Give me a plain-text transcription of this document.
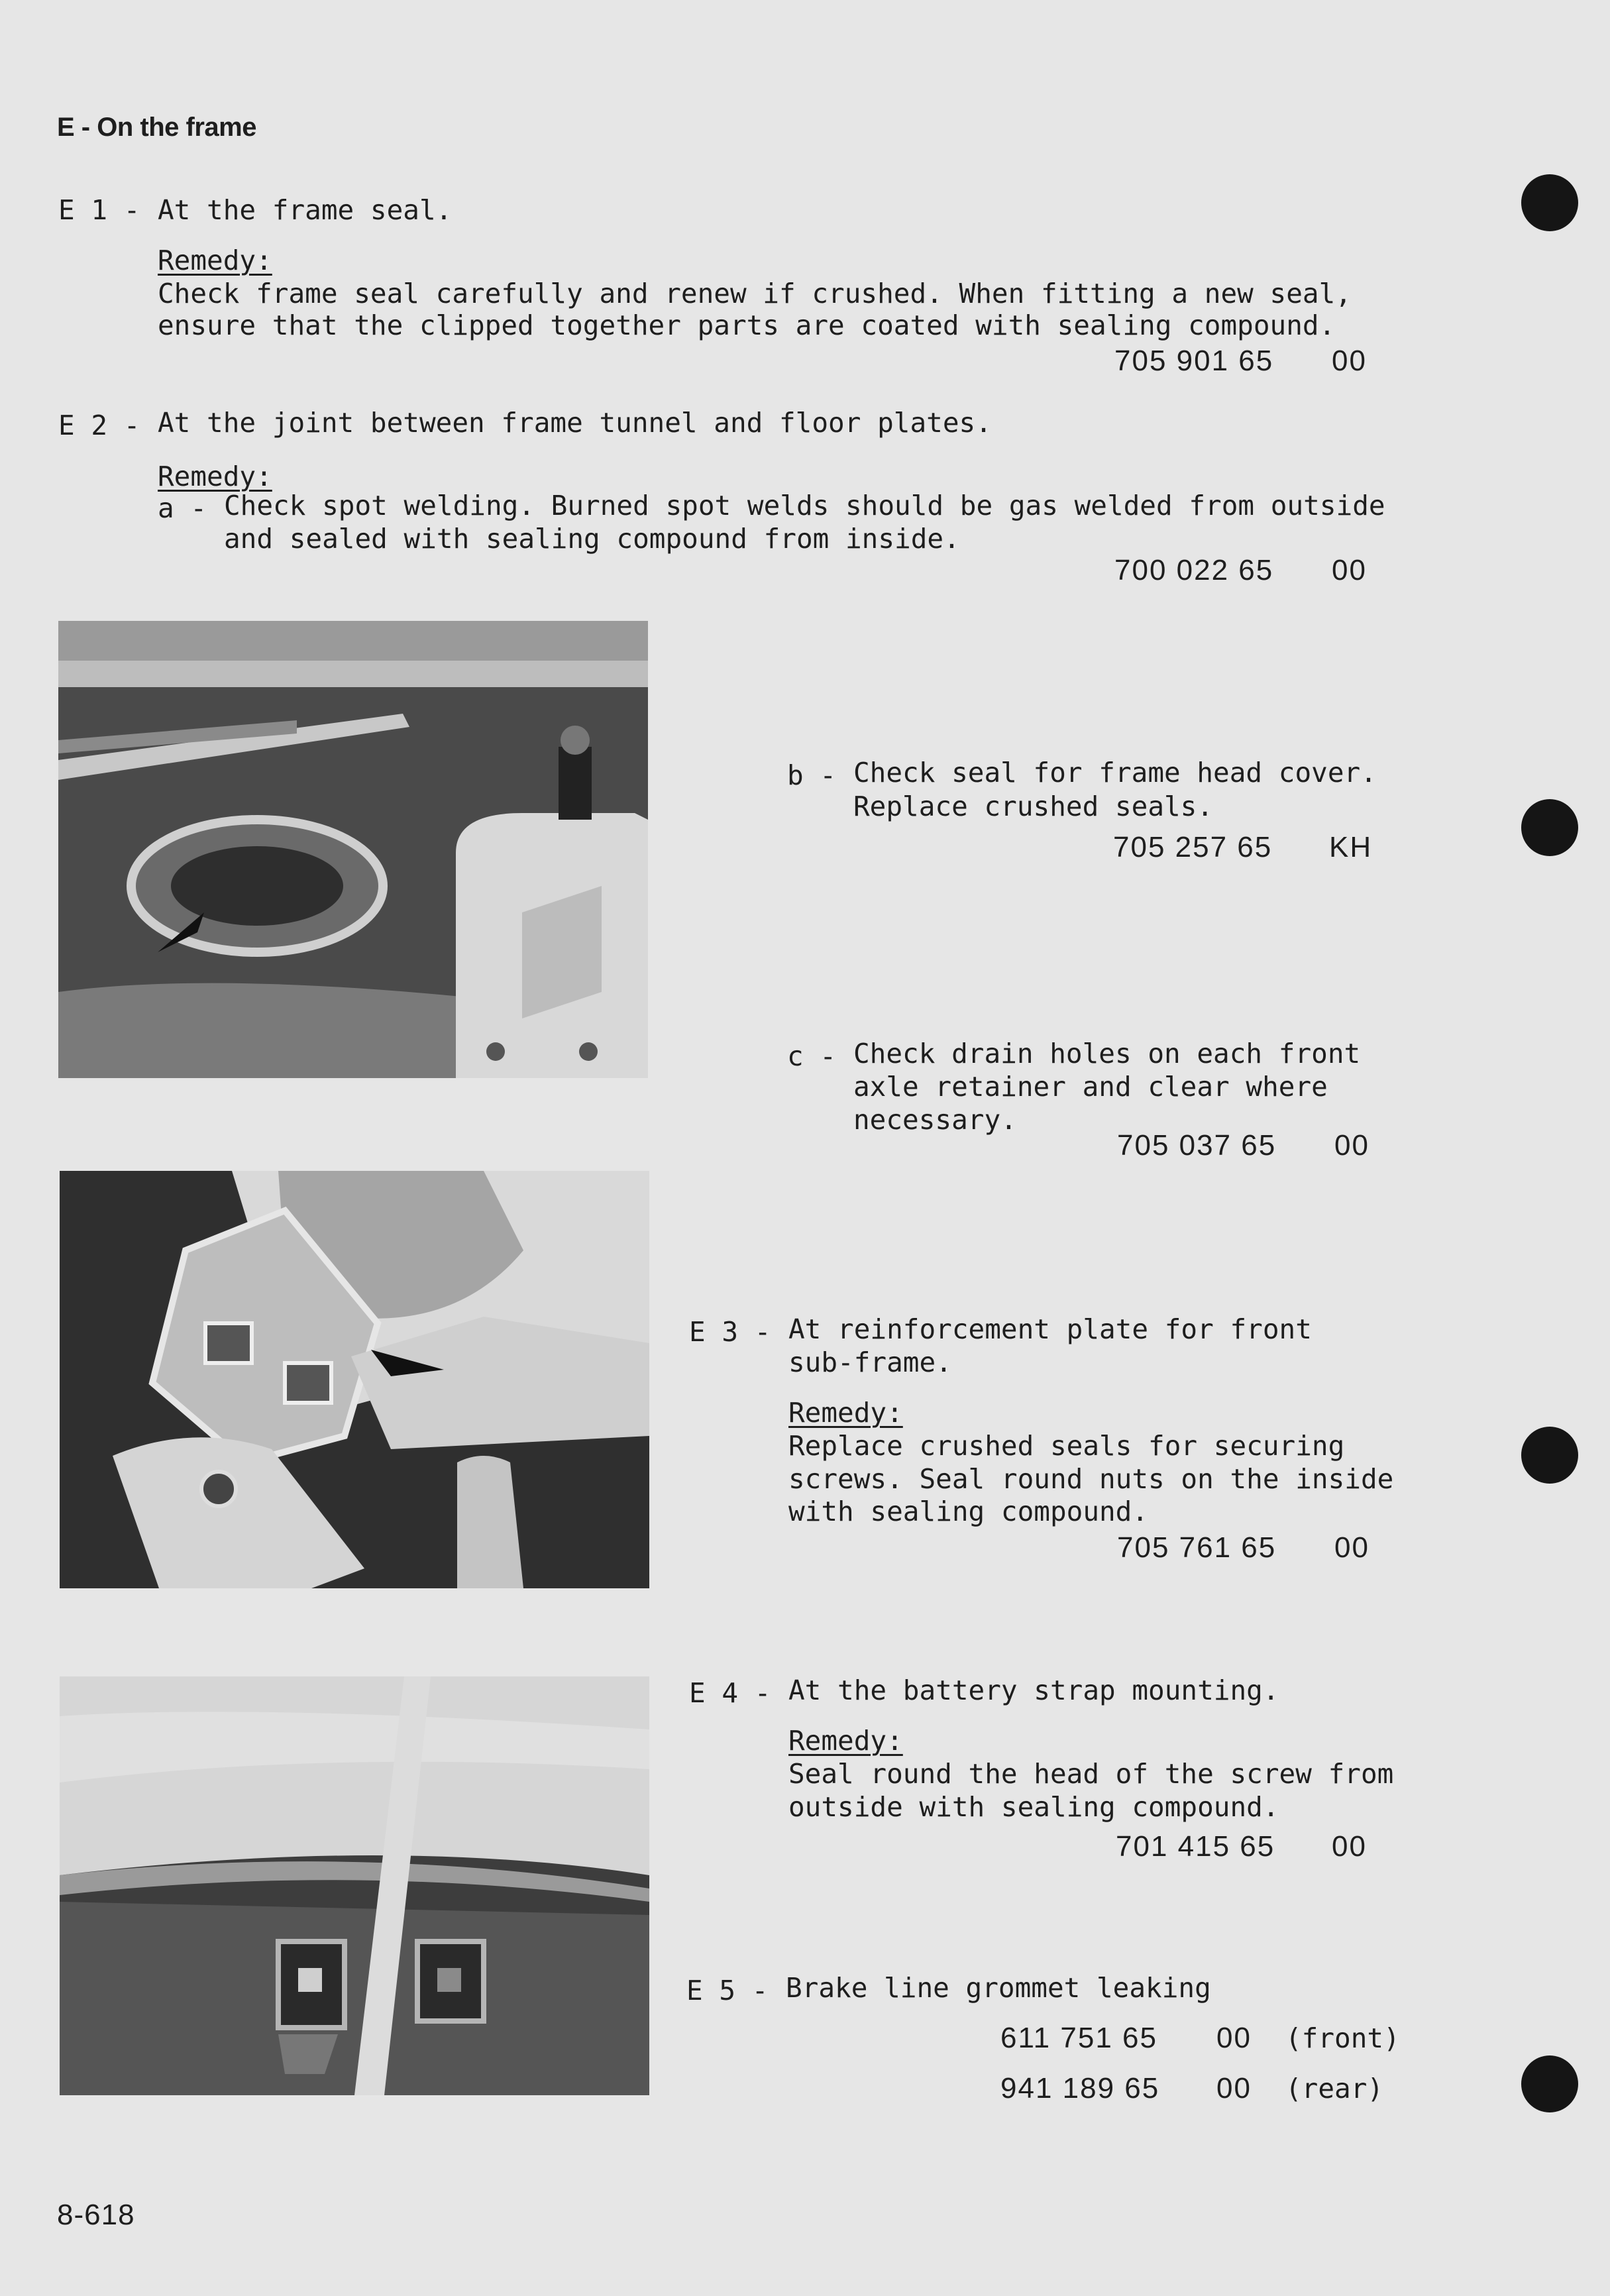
E - On the frame
E 1 - At the frame seal.
Remedy:
Check frame seal carefully and renew if crushed. When fitting a new seal,
ensure that the clipped together parts are coated with sealing compound.
705 901 65 00
E 2 - At the joint between frame tunnel and floor plates.
Remedy:
a - Check spot welding. Burned spot welds should be gas welded from outside
and sealed with sealing compound from inside.
700 022 65 00
b - Check seal for frame head cover.
Replace crushed seals.
705 257 65 KH
c - Check drain holes on each front
axle retainer and clear where
necessary.
705 037 65 00
E 3 - At reinforcement plate for front
sub-frame.
Remedy:
Replace crushed seals for securing
screws. Seal round nuts on the inside
with sealing compound.
705 761 65 00
E 4 - At the battery strap mounting.
Remedy:
Seal round the head of the screw from
outside with sealing compound.
701 415 65 00
E 5 - Brake line grommet leaking
611 751 65 00 (front)
941 189 65 00 (rear)
8-618
